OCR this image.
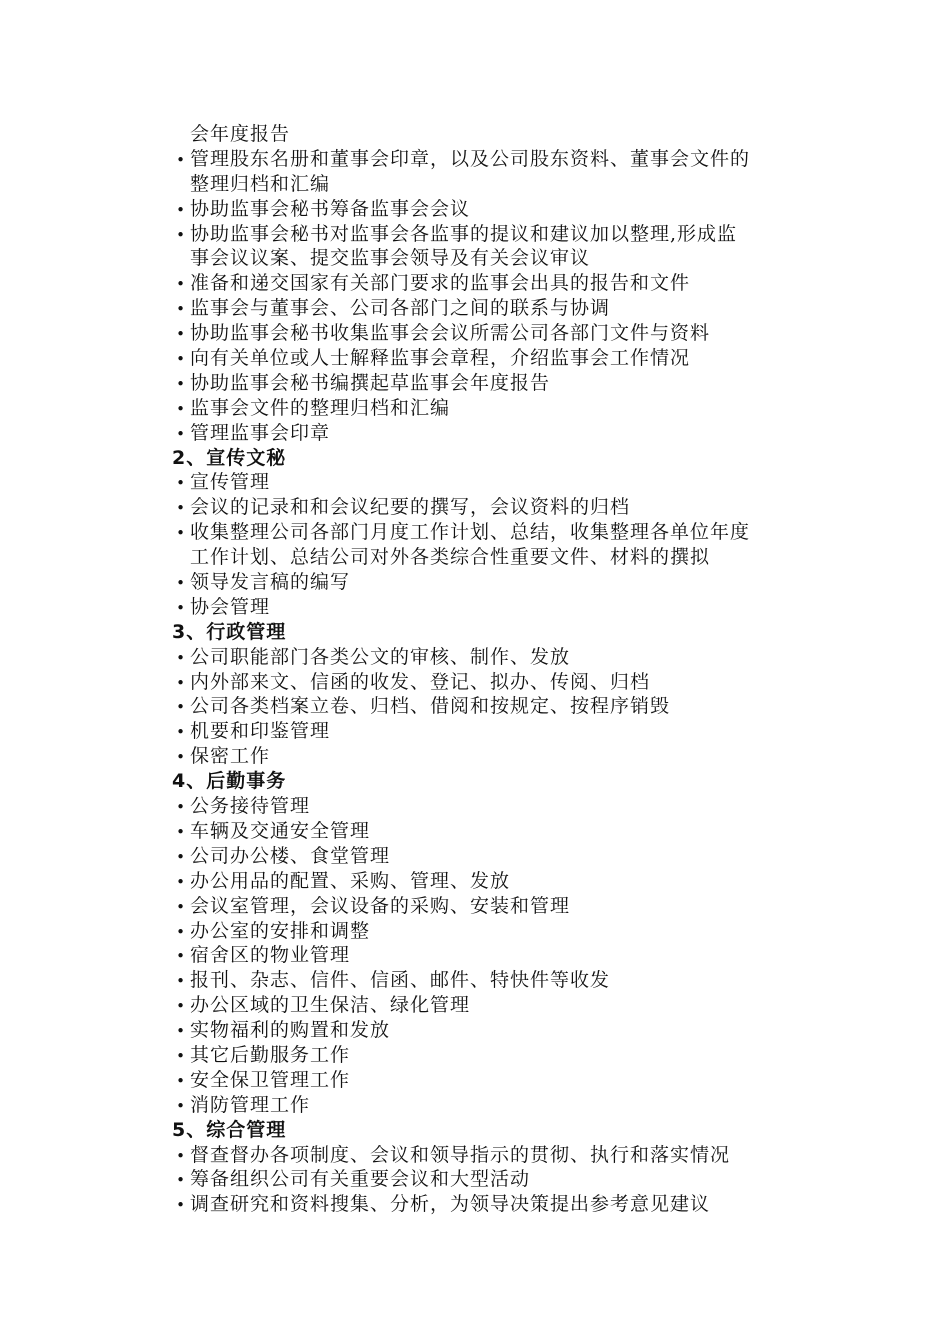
会年度报告
• 管理股东名册和董事会印章，以及公司股东资料、董事会文件的
整理归档和汇编
• 协助监事会秘书筹备监事会会议
• 协助监事会秘书对监事会各监事的提议和建议加以整理,形成监
事会议议案、提交监事会领导及有关会议审议
• 准备和递交国家有关部门要求的监事会出具的报告和文件
• 监事会与董事会、公司各部门之间的联系与协调
• 协助监事会秘书收集监事会会议所需公司各部门文件与资料
• 向有关单位或人士解释监事会章程，介绍监事会工作情况
• 协助监事会秘书编撰起草监事会年度报告
• 监事会文件的整理归档和汇编
• 管理监事会印章
2、宣传文秘
• 宣传管理
• 会议的记录和和会议纪要的撰写，会议资料的归档
• 收集整理公司各部门月度工作计划、总结，收集整理各单位年度
工作计划、总结公司对外各类综合性重要文件、材料的撰拟
• 领导发言稿的编写
• 协会管理
3、行政管理
• 公司职能部门各类公文的审核、制作、发放
• 内外部来文、信函的收发、登记、拟办、传阅、归档
• 公司各类档案立卷、归档、借阅和按规定、按程序销毁
• 机要和印鉴管理
• 保密工作
4、后勤事务
• 公务接待管理
• 车辆及交通安全管理
• 公司办公楼、食堂管理
• 办公用品的配置、采购、管理、发放
• 会议室管理，会议设备的采购、安装和管理
• 办公室的安排和调整
• 宿舍区的物业管理
• 报刊、杂志、信件、信函、邮件、特快件等收发
• 办公区域的卫生保洁、绿化管理
• 实物福利的购置和发放
• 其它后勤服务工作
• 安全保卫管理工作
• 消防管理工作
5、综合管理
• 督查督办各项制度、会议和领导指示的贯彻、执行和落实情况
• 筹备组织公司有关重要会议和大型活动
• 调查研究和资料搜集、分析，为领导决策提出参考意见建议
